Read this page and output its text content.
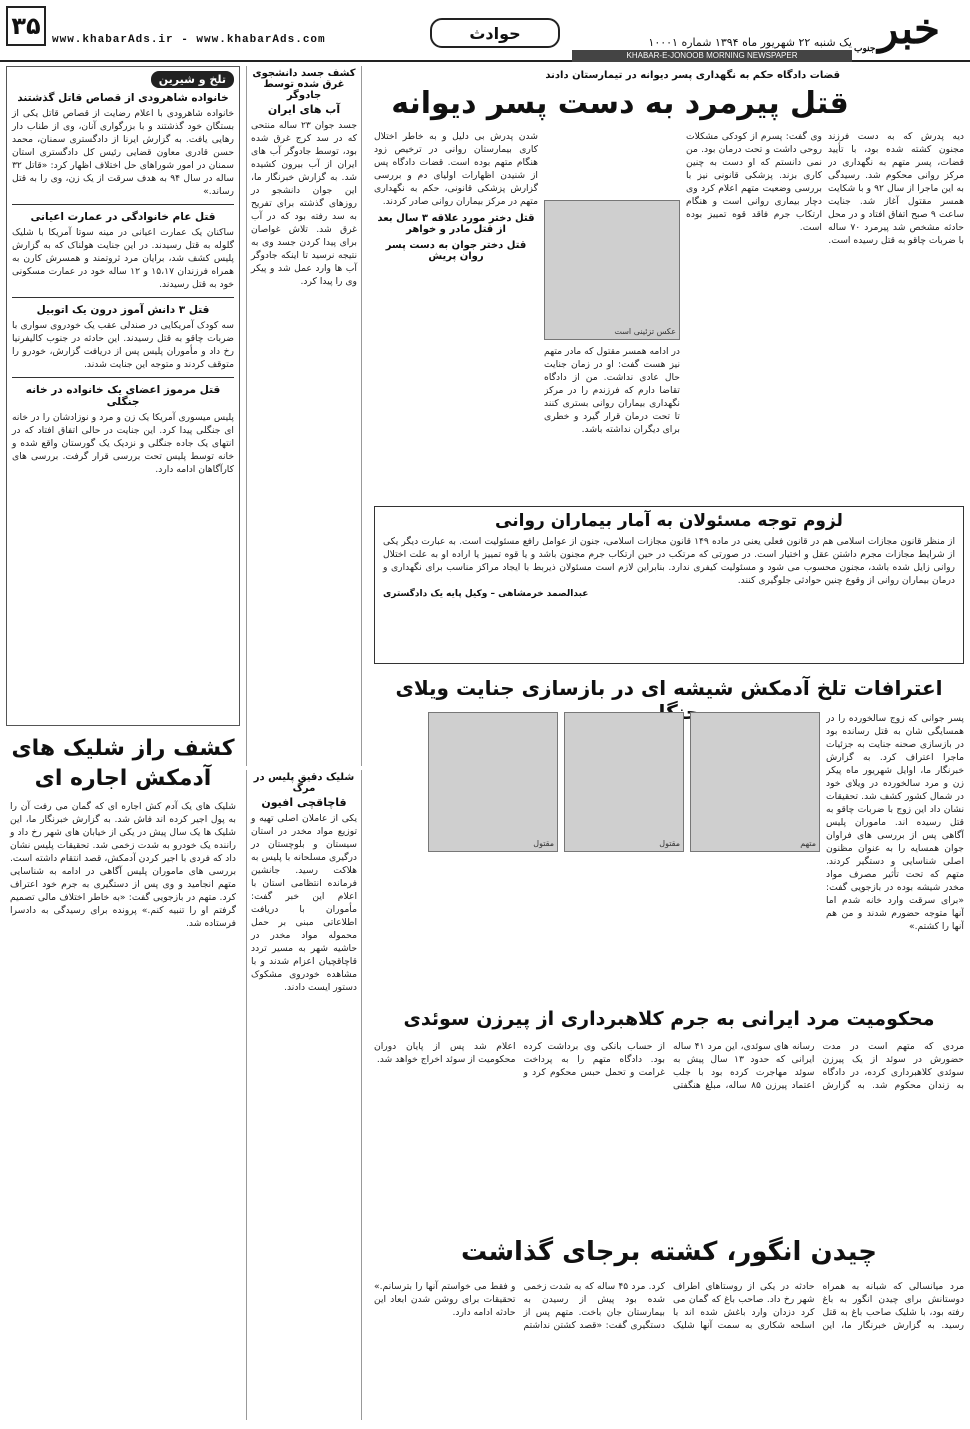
۳۵	www.khabarAds.ir - www.khabarAds.com	حوادث	یک شنبه ۲۲ شهریور ماه ۱۳۹۴ شماره ۱۰۰۰۱ خبر
جنوب
KHABAR-E-JONOOB MORNING NEWSPAPER
تلخ و شیرین
خانواده شاهرودی از قصاص قاتل گذشتند
خانواده شاهرودی با اعلام رضایت از قصاص قاتل یکی از بستگان خود گذشتند و با بزرگواری آنان، وی از طناب دار رهایی یافت. به گزارش ایرنا از دادگستری سمنان، محمد حسن قادری معاون قضایی رئیس کل دادگستری استان سمنان در امور شوراهای حل اختلاف اظهار کرد: «قاتل ۳۲ ساله در سال ۹۴ به هدف سرقت از یک زن، وی را به قتل رساند.»
قتل عام خانوادگی در عمارت اعیانی
ساکنان یک عمارت اعیانی در مینه سوتا آمریکا با شلیک گلوله به قتل رسیدند. در این جنایت هولناک که به گزارش پلیس کشف شد، برایان مرد ثروتمند و همسرش کارن به همراه فرزندان ۱۵،۱۷ و ۱۲ ساله خود در عمارت مسکونی خود به قتل رسیدند.
قتل ۳ دانش آموز درون یک اتوبیل
سه کودک آمریکایی در صندلی عقب یک خودروی سواری با ضربات چاقو به قتل رسیدند. این حادثه در جنوب کالیفرنیا رخ داد و مأموران پلیس پس از دریافت گزارش، خودرو را متوقف کردند و متوجه این جنایت شدند.
قتل مرموز اعضای یک خانواده در خانه جنگلی
پلیس میسوری آمریکا یک زن و مرد و نوزادشان را در خانه ای جنگلی پیدا کرد. این جنایت در حالی اتفاق افتاد که در انتهای یک جاده جنگلی و نزدیک یک گورستان واقع شده و خانه توسط پلیس تحت بررسی قرار گرفت. بررسی های کارآگاهان ادامه دارد.
کشف راز شلیک های آدمکش اجاره ای
شلیک های یک آدم کش اجاره ای که گمان می رفت آن را به پول اجیر کرده اند فاش شد. به گزارش خبرنگار ما، این شلیک ها یک سال پیش در یکی از خیابان های شهر رخ داد و راننده یک خودرو به شدت زخمی شد. تحقیقات پلیس نشان داد که فردی با اجیر کردن آدمکش، قصد انتقام داشته است. بررسی های ماموران پلیس آگاهی در ادامه به شناسایی متهم انجامید و وی پس از دستگیری به جرم خود اعتراف کرد. متهم در بازجویی گفت: «به خاطر اختلاف مالی تصمیم گرفتم او را تنبیه کنم.» پرونده برای رسیدگی به دادسرا فرستاده شد.
کشف جسد دانشجوی غرق شده توسط جادوگر
آب های ایران
جسد جوان ۲۳ ساله منتحی که در سد کرج غرق شده بود، توسط جادوگر آب های ایران از آب بیرون کشیده شد. به گزارش خبرنگار ما، این جوان دانشجو در روزهای گذشته برای تفریح به سد رفته بود که در آب غرق شد. تلاش غواصان برای پیدا کردن جسد وی به نتیجه نرسید تا اینکه جادوگر آب ها وارد عمل شد و پیکر وی را پیدا کرد.
شلیک دقیق پلیس در مرگ
قاچاقچی افیون
یکی از عاملان اصلی تهیه و توزیع مواد مخدر در استان سیستان و بلوچستان در درگیری مسلحانه با پلیس به هلاکت رسید. جانشین فرمانده انتظامی استان با اعلام این خبر گفت: مأموران با دریافت اطلاعاتی مبنی بر حمل محموله مواد مخدر در حاشیه شهر به مسیر تردد قاچاقچیان اعزام شدند و با مشاهده خودروی مشکوک دستور ایست دادند.
قضات دادگاه حکم به نگهداری پسر دیوانه در تیمارستان دادند
قتل پیرمرد به دست پسر دیوانه
دیه پدرش که به دست فرزند مجنون کشته شده بود، با تأیید قضات، پسر متهم به نگهداری در مرکز روانی محکوم شد. رسیدگی به این ماجرا از سال ۹۲ و با شکایت همسر مقتول آغاز شد. جنایت ساعت ۹ صبح اتفاق افتاد و در محل حادثه مشخص شد پیرمرد ۷۰ ساله با ضربات چاقو به قتل رسیده است.
وی گفت: پسرم از کودکی مشکلات روحی داشت و تحت درمان بود. من نمی دانستم که او دست به چنین کاری بزند. پزشکی قانونی نیز با بررسی وضعیت متهم اعلام کرد وی دچار بیماری روانی است و هنگام ارتکاب جرم فاقد قوه تمییز بوده است.
عکس تزئینی است
در ادامه همسر مقتول که مادر متهم نیز هست گفت: او در زمان جنایت حال عادی نداشت. من از دادگاه تقاضا دارم که فرزندم را در مرکز نگهداری بیماران روانی بستری کنند تا تحت درمان قرار گیرد و خطری برای دیگران نداشته باشد.
شدن پدرش بی دلیل و به خاطر اختلال کاری بیمارستان روانی در ترخیص زود هنگام متهم بوده است. قضات دادگاه پس از شنیدن اظهارات اولیای دم و بررسی گزارش پزشکی قانونی، حکم به نگهداری متهم در مرکز بیماران روانی صادر کردند.
قتل دختر مورد علاقه ۳ سال بعد از قتل مادر و خواهر
قتل دختر جوان به دست پسر روان پریش
لزوم توجه مسئولان به آمار بیماران روانی
از منظر قانون مجازات اسلامی هم در قانون فعلی یعنی در ماده ۱۴۹ قانون مجازات اسلامی، جنون از عوامل رافع مسئولیت است. به عبارت دیگر یکی از شرایط مجازات مجرم داشتن عقل و اختیار است. در صورتی که مرتکب در حین ارتکاب جرم مجنون باشد و یا قوه تمییز یا اراده او به علت اختلال روانی زایل شده باشد، مجنون محسوب می شود و مسئولیت کیفری ندارد. بنابراین لازم است مسئولان ذیربط با ایجاد مراکز مناسب برای نگهداری و درمان بیماران روانی از وقوع چنین حوادثی جلوگیری کنند.
عبدالصمد خرمشاهی – وکیل پایه یک دادگستری
اعترافات تلخ آدمکش شیشه ای در بازسازی جنایت ویلای
متهم
مقتول
مقتول
پسر جوانی که زوج سالخورده را در همسایگی شان به قتل رسانده بود در بازسازی صحنه جنایت به جزئیات ماجرا اعتراف کرد. به گزارش خبرنگار ما، اوایل شهریور ماه پیکر زن و مرد سالخورده در ویلای خود در شمال کشور کشف شد. تحقیقات نشان داد این زوج با ضربات چاقو به قتل رسیده اند. ماموران پلیس آگاهی پس از بررسی های فراوان جوان همسایه را به عنوان مظنون اصلی شناسایی و دستگیر کردند. متهم که تحت تأثیر مصرف مواد مخدر شیشه بوده در بازجویی گفت: «برای سرقت وارد خانه شدم اما آنها متوجه حضورم شدند و من هم آنها را کشتم.»
محکومیت مرد ایرانی به جرم کلاهبرداری از پیرزن سوئدی
مردی که متهم است در مدت حضورش در سوئد از یک پیرزن سوئدی کلاهبرداری کرده، در دادگاه به زندان محکوم شد. به گزارش رسانه های سوئدی، این مرد ۴۱ ساله ایرانی که حدود ۱۳ سال پیش به سوئد مهاجرت کرده بود با جلب اعتماد پیرزن ۸۵ ساله، مبلغ هنگفتی از حساب بانکی وی برداشت کرده بود. دادگاه متهم را به پرداخت غرامت و تحمل حبس محکوم کرد و اعلام شد پس از پایان دوران محکومیت از سوئد اخراج خواهد شد.
چیدن انگور، کشته برجای گذاشت
مرد میانسالی که شبانه به همراه دوستانش برای چیدن انگور به باغ رفته بود، با شلیک صاحب باغ به قتل رسید. به گزارش خبرنگار ما، این حادثه در یکی از روستاهای اطراف شهر رخ داد. صاحب باغ که گمان می کرد دزدان وارد باغش شده اند با اسلحه شکاری به سمت آنها شلیک کرد. مرد ۴۵ ساله که به شدت زخمی شده بود پیش از رسیدن به بیمارستان جان باخت. متهم پس از دستگیری گفت: «قصد کشتن نداشتم و فقط می خواستم آنها را بترسانم.» تحقیقات برای روشن شدن ابعاد این حادثه ادامه دارد.
